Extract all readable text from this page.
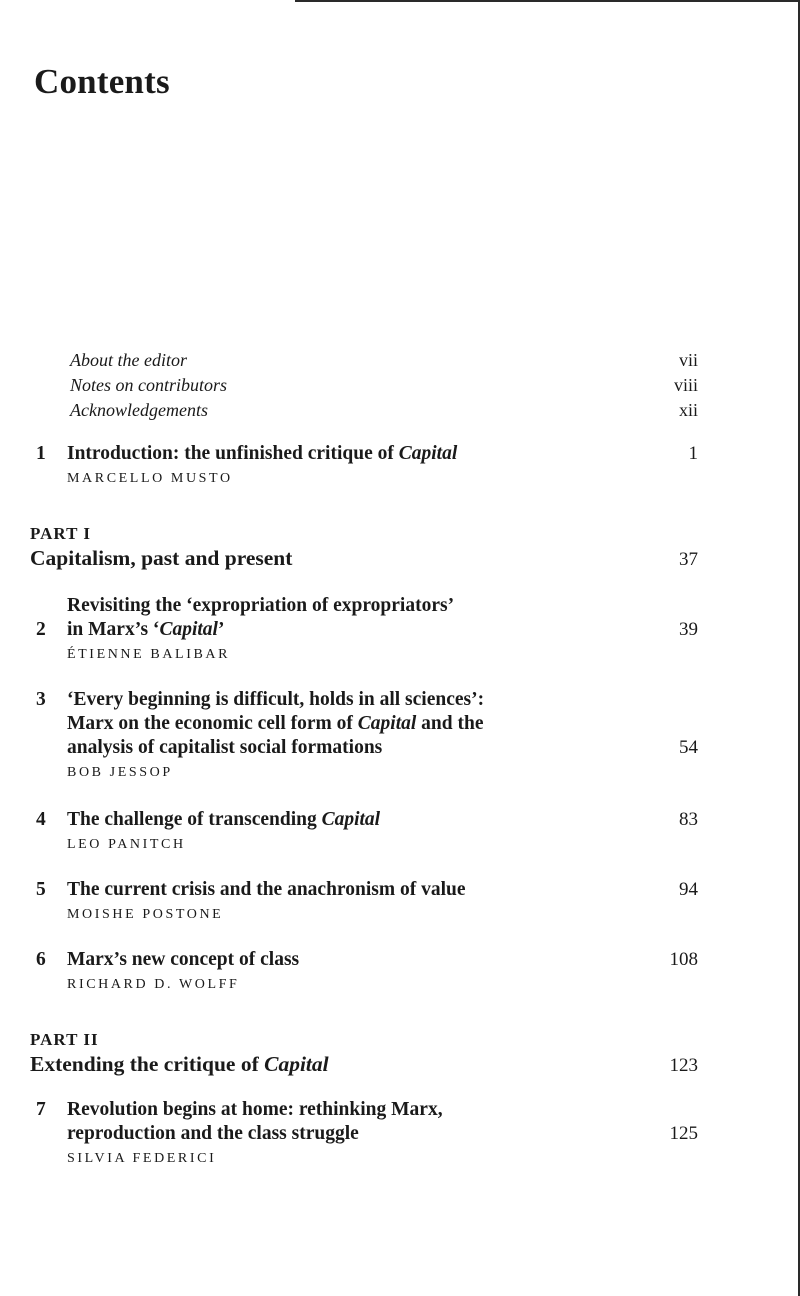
Contents
About the editor	vii
Notes on contributors	viii
Acknowledgements	xii
1	Introduction: the unfinished critique of Capital	1
MARCELLO MUSTO
PART I
Capitalism, past and present	37
2
Revisiting the ‘expropriation of expropriators’
in Marx’s ‘Capital’	39
ÉTIENNE BALIBAR
3	‘Every beginning is difficult, holds in all sciences’:
Marx on the economic cell form of Capital and the
analysis of capitalist social formations	54
BOB JESSOP
4	The challenge of transcending Capital	83
LEO PANITCH
5	The current crisis and the anachronism of value	94
MOISHE POSTONE
6	Marx’s new concept of class	108
RICHARD D. WOLFF
PART II
Extending the critique of Capital	123
7	Revolution begins at home: rethinking Marx,
reproduction and the class struggle	125
SILVIA FEDERICI
